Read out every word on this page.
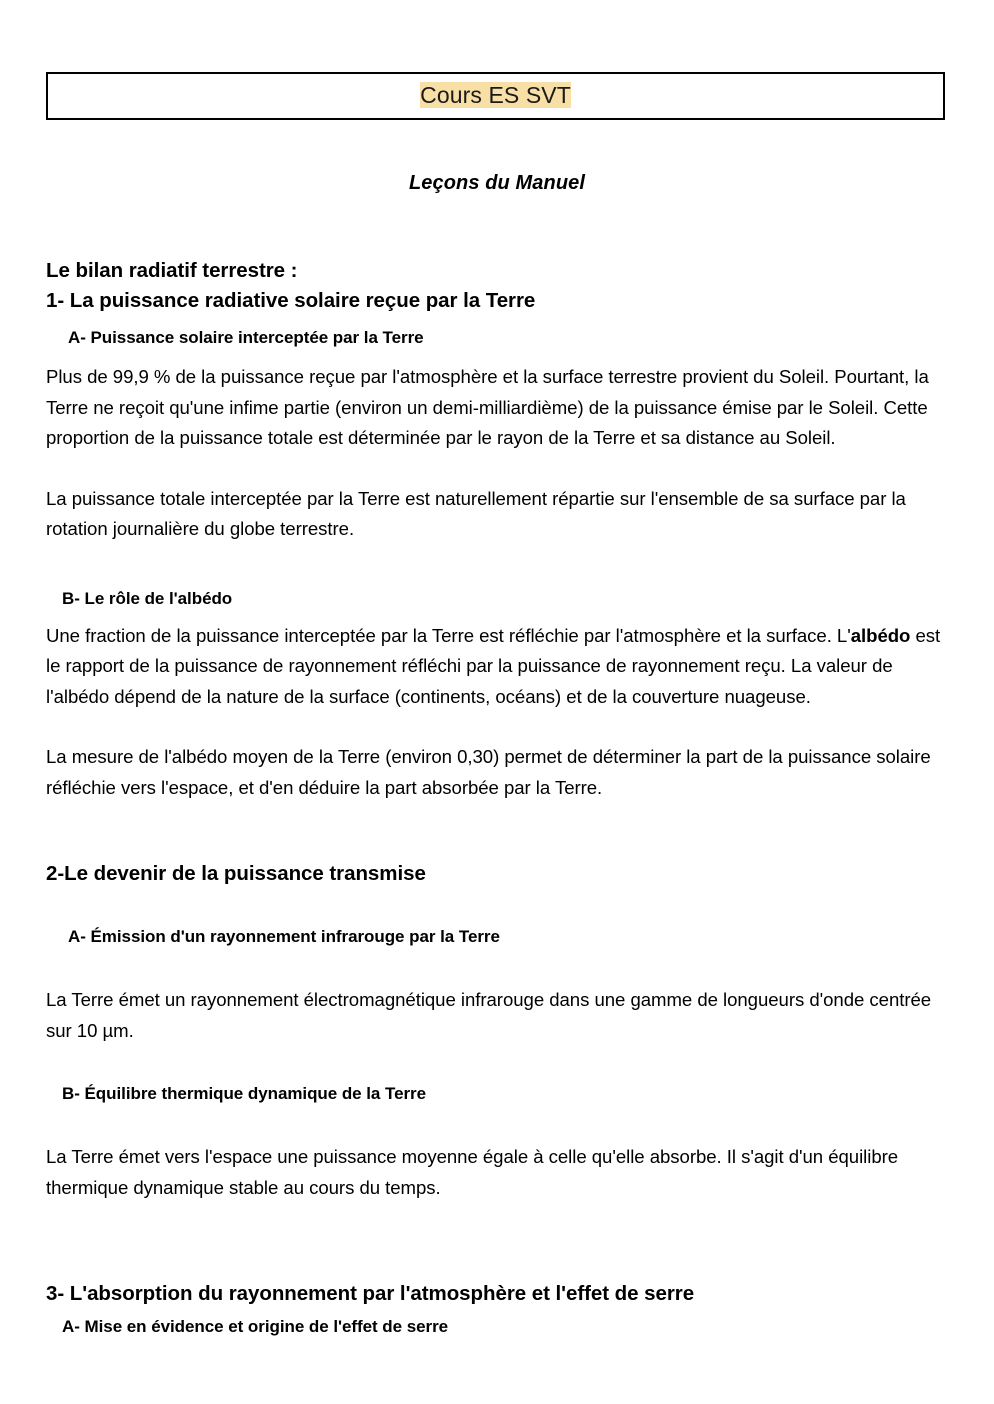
Cours ES SVT
Leçons du Manuel
Le bilan radiatif terrestre :
1- La puissance radiative solaire reçue par la Terre
A- Puissance solaire interceptée par la Terre

Plus de 99,9 % de la puissance reçue par l'atmosphère et la surface terrestre provient du Soleil. Pourtant, la Terre ne reçoit qu'une infime partie (environ un demi-milliardième) de la puissance émise par le Soleil. Cette proportion de la puissance totale est déterminée par le rayon de la Terre et sa distance au Soleil.

La puissance totale interceptée par la Terre est naturellement répartie sur l'ensemble de sa surface par la rotation journalière du globe terrestre.

B- Le rôle de l'albédo

Une fraction de la puissance interceptée par la Terre est réfléchie par l'atmosphère et la surface. L'albédo est le rapport de la puissance de rayonnement réfléchi par la puissance de rayonnement reçu. La valeur de l'albédo dépend de la nature de la surface (continents, océans) et de la couverture nuageuse.

La mesure de l'albédo moyen de la Terre (environ 0,30) permet de déterminer la part de la puissance solaire réfléchie vers l'espace, et d'en déduire la part absorbée par la Terre.

2-Le devenir de la puissance transmise
A- Émission d'un rayonnement infrarouge par la Terre

La Terre émet un rayonnement électromagnétique infrarouge dans une gamme de longueurs d'onde centrée sur 10 µm.

B- Équilibre thermique dynamique de la Terre

La Terre émet vers l'espace une puissance moyenne égale à celle qu'elle absorbe. Il s'agit d'un équilibre thermique dynamique stable au cours du temps.

3- L'absorption du rayonnement par l'atmosphère et l'effet de serre
A- Mise en évidence et origine de l'effet de serre
